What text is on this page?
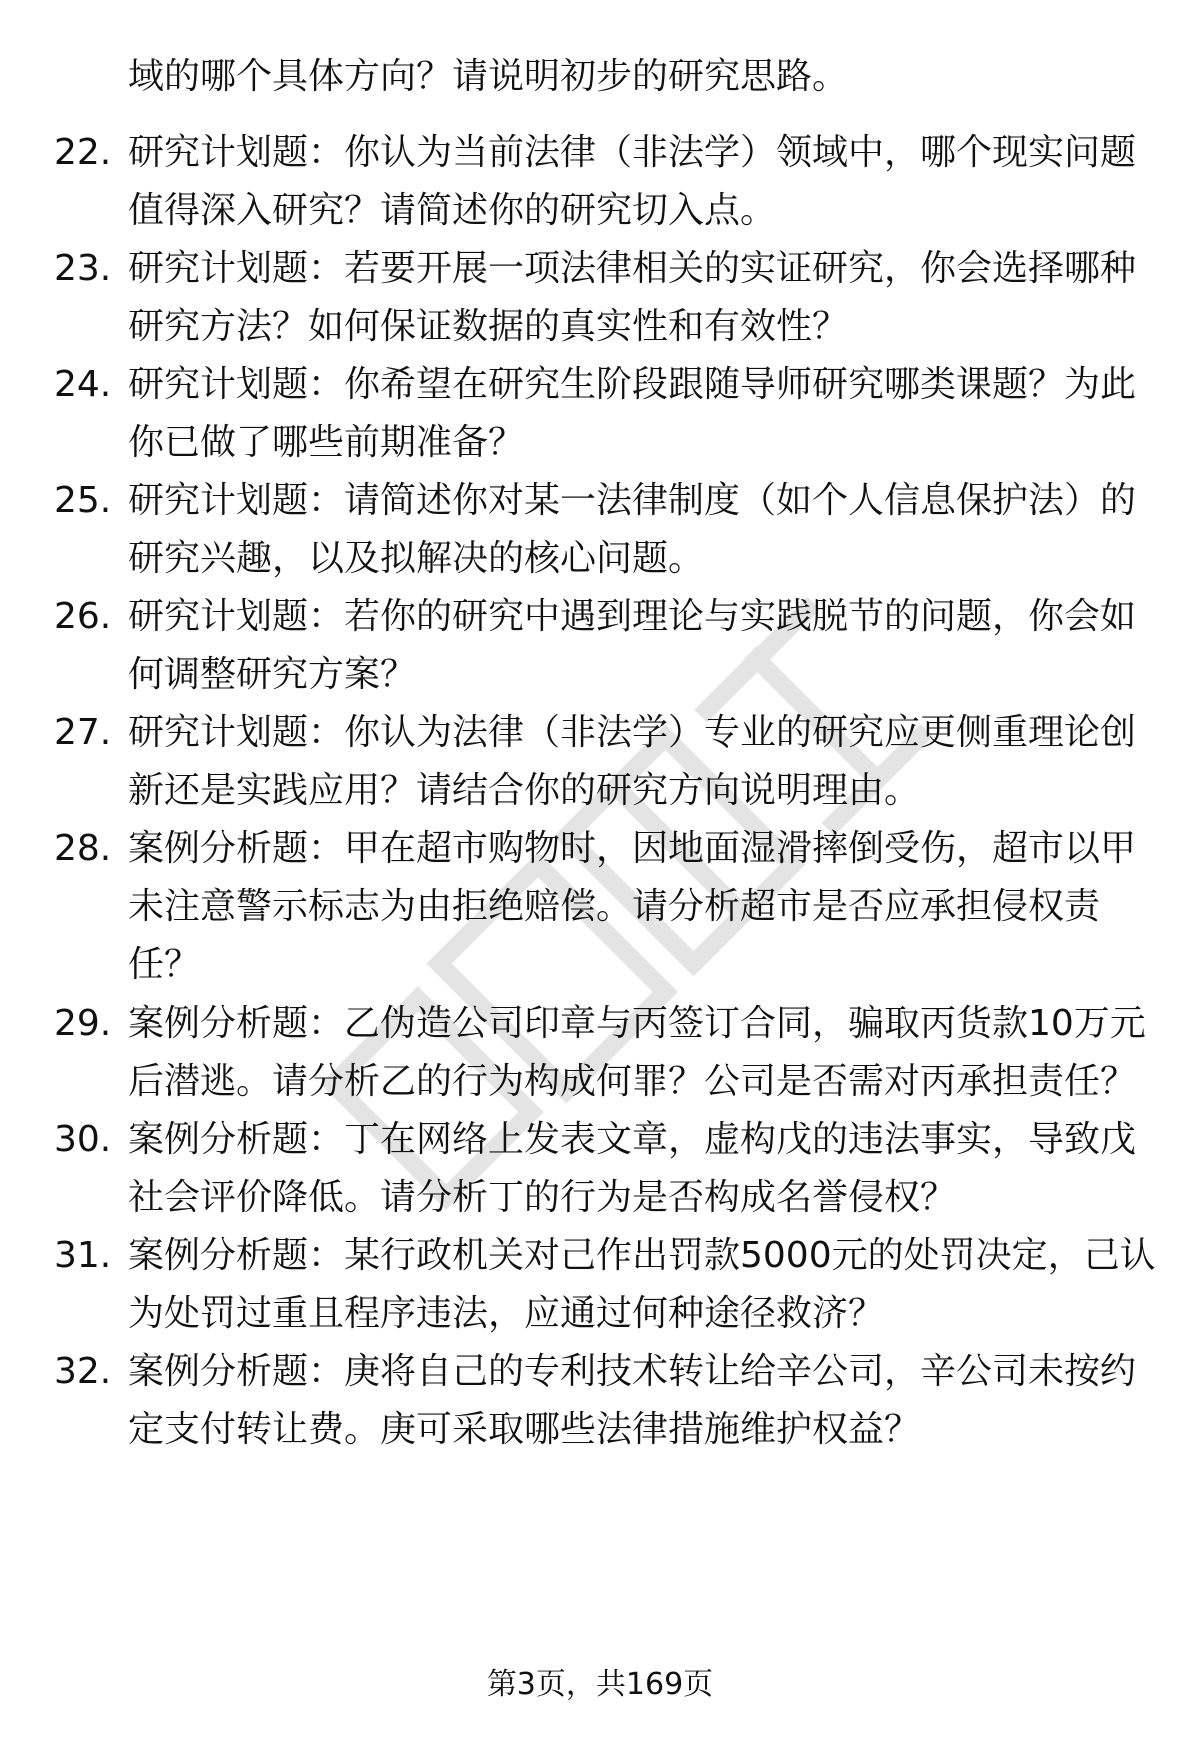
域的哪个具体方向？请说明初步的研究思路。
22. 研究计划题：你认为当前法律（非法学）领域中，哪个现实问题
值得深入研究？请简述你的研究切入点。
23. 研究计划题：若要开展一项法律相关的实证研究，你会选择哪种
研究方法？如何保证数据的真实性和有效性？
24. 研究计划题：你希望在研究生阶段跟随导师研究哪类课题？为此
你已做了哪些前期准备？
25. 研究计划题：请简述你对某一法律制度（如个人信息保护法）的
研究兴趣，以及拟解决的核心问题。
26. 研究计划题：若你的研究中遇到理论与实践脱节的问题，你会如
何调整研究方案？
27. 研究计划题：你认为法律（非法学）专业的研究应更侧重理论创
新还是实践应用？请结合你的研究方向说明理由。
28. 案例分析题：甲在超市购物时，因地面湿滑摔倒受伤，超市以甲
未注意警示标志为由拒绝赔偿。请分析超市是否应承担侵权责
任？
29. 案例分析题：乙伪造公司印章与丙签订合同，骗取丙货款10万元
后潜逃。请分析乙的行为构成何罪？公司是否需对丙承担责任？
30. 案例分析题：丁在网络上发表文章，虚构戊的违法事实，导致戊
社会评价降低。请分析丁的行为是否构成名誉侵权？
31. 案例分析题：某行政机关对己作出罚款5000元的处罚决定，己认
为处罚过重且程序违法，应通过何种途径救济？
32. 案例分析题：庚将自己的专利技术转让给辛公司，辛公司未按约
定支付转让费。庚可采取哪些法律措施维护权益？
第3页，共169页
